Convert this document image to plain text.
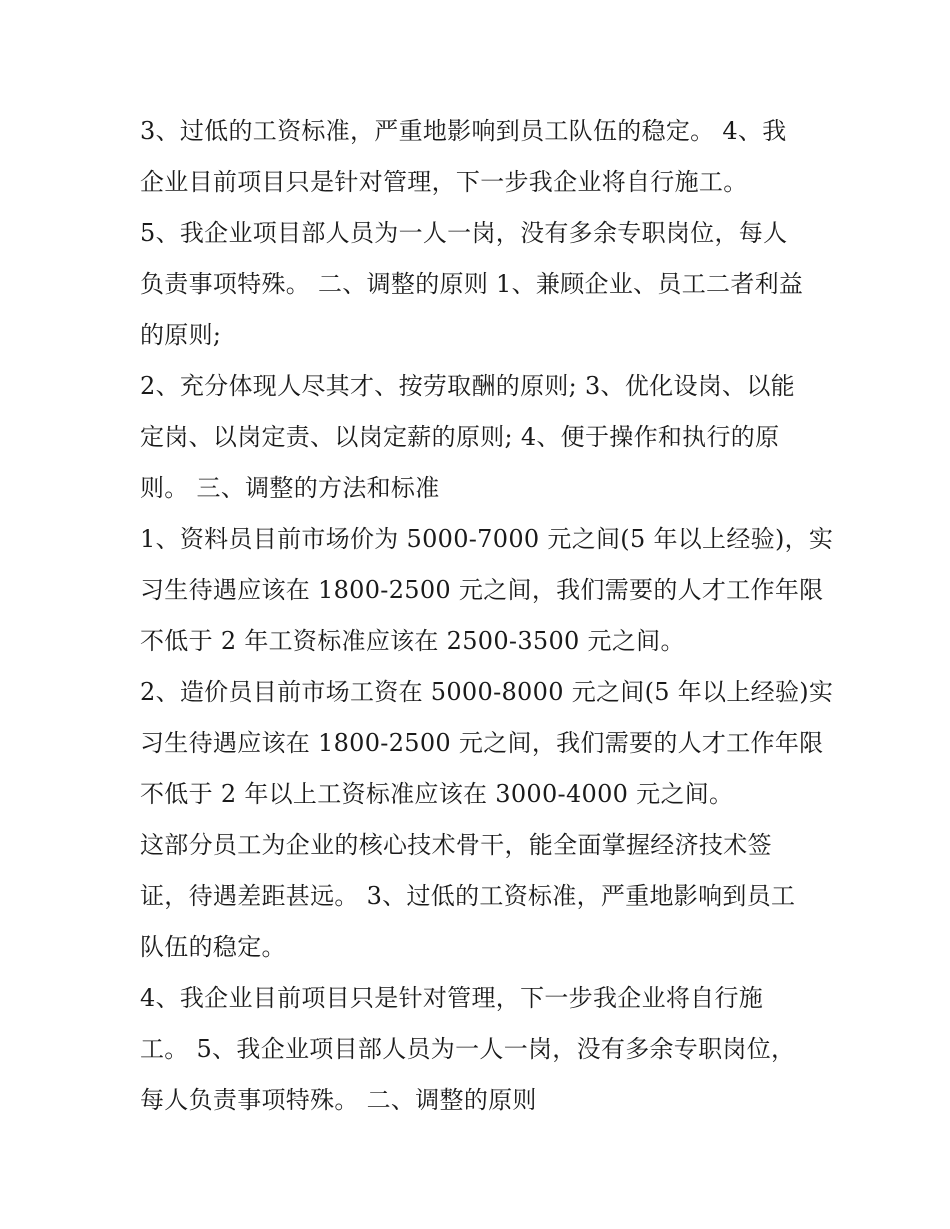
3、过低的工资标准，严重地影响到员工队伍的稳定。 4、我
企业目前项目只是针对管理，下一步我企业将自行施工。
5、我企业项目部人员为一人一岗，没有多余专职岗位，每人
负责事项特殊。 二、调整的原则 1、兼顾企业、员工二者利益
的原则;
2、充分体现人尽其才、按劳取酬的原则; 3、优化设岗、以能
定岗、以岗定责、以岗定薪的原则; 4、便于操作和执行的原
则。 三、调整的方法和标准
1、资料员目前市场价为 5000-7000 元之间(5 年以上经验)，实
习生待遇应该在 1800-2500 元之间，我们需要的人才工作年限
不低于 2 年工资标准应该在 2500-3500 元之间。
2、造价员目前市场工资在 5000-8000 元之间(5 年以上经验)实
习生待遇应该在 1800-2500 元之间，我们需要的人才工作年限
不低于 2 年以上工资标准应该在 3000-4000 元之间。
这部分员工为企业的核心技术骨干，能全面掌握经济技术签
证，待遇差距甚远。 3、过低的工资标准，严重地影响到员工
队伍的稳定。
4、我企业目前项目只是针对管理，下一步我企业将自行施
工。 5、我企业项目部人员为一人一岗，没有多余专职岗位，
每人负责事项特殊。 二、调整的原则
